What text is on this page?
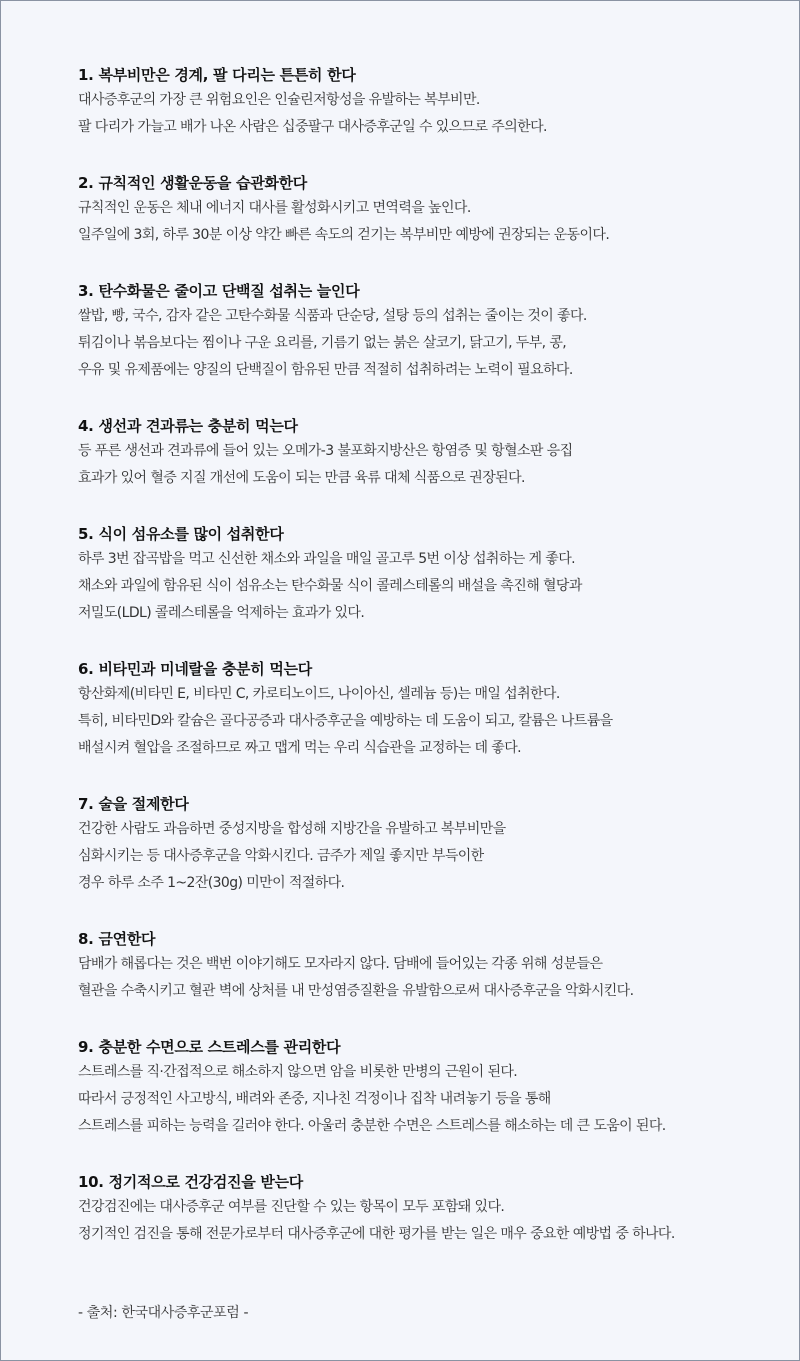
1. 복부비만은 경계, 팔 다리는 튼튼히 한다

대사증후군의 가장 큰 위험요인은 인슐린저항성을 유발하는 복부비만.

팔 다리가 가늘고 배가 나온 사람은 십중팔구 대사증후군일 수 있으므로 주의한다.

2. 규칙적인 생활운동을 습관화한다

규칙적인 운동은 체내 에너지 대사를 활성화시키고 면역력을 높인다.

일주일에 3회, 하루 30분 이상 약간 빠른 속도의 걷기는 복부비만 예방에 권장되는 운동이다.

3. 탄수화물은 줄이고 단백질 섭취는 늘인다

쌀밥, 빵, 국수, 감자 같은 고탄수화물 식품과 단순당, 설탕 등의 섭취는 줄이는 것이 좋다.

튀김이나 볶음보다는 찜이나 구운 요리를, 기름기 없는 붉은 살코기, 닭고기, 두부, 콩,

우유 및 유제품에는 양질의 단백질이 함유된 만큼 적절히 섭취하려는 노력이 필요하다.

4. 생선과 견과류는 충분히 먹는다

등 푸른 생선과 견과류에 들어 있는 오메가-3 불포화지방산은 항염증 및 항혈소판 응집

효과가 있어 혈증 지질 개선에 도움이 되는 만큼 육류 대체 식품으로 권장된다.

5. 식이 섬유소를 많이 섭취한다

하루 3번 잡곡밥을 먹고 신선한 채소와 과일을 매일 골고루 5번 이상 섭취하는 게 좋다.

채소와 과일에 함유된 식이 섬유소는 탄수화물 식이 콜레스테롤의 배설을 촉진해 혈당과

저밀도(LDL) 콜레스테롤을 억제하는 효과가 있다.

6. 비타민과 미네랄을 충분히 먹는다

항산화제(비타민 E, 비타민 C, 카로티노이드, 나이아신, 셀레늄 등)는 매일 섭취한다.

특히, 비타민D와 칼슘은 골다공증과 대사증후군을 예방하는 데 도움이 되고, 칼륨은 나트륨을

배설시켜 혈압을 조절하므로 짜고 맵게 먹는 우리 식습관을 교정하는 데 좋다.

7. 술을 절제한다

건강한 사람도 과음하면 중성지방을 합성해 지방간을 유발하고 복부비만을

심화시키는 등 대사증후군을 악화시킨다. 금주가 제일 좋지만 부득이한

경우 하루 소주 1~2잔(30g) 미만이 적절하다.

8. 금연한다

담배가 해롭다는 것은 백번 이야기해도 모자라지 않다. 담배에 들어있는 각종 위해 성분들은

혈관을 수축시키고 혈관 벽에 상처를 내 만성염증질환을 유발함으로써 대사증후군을 악화시킨다.

9. 충분한 수면으로 스트레스를 관리한다

스트레스를 직·간접적으로 해소하지 않으면 암을 비롯한 만병의 근원이 된다.

따라서 긍정적인 사고방식, 배려와 존중, 지나친 걱정이나 집착 내려놓기 등을 통해

스트레스를 피하는 능력을 길러야 한다. 아울러 충분한 수면은 스트레스를 해소하는 데 큰 도움이 된다.

10. 정기적으로 건강검진을 받는다

건강검진에는 대사증후군 여부를 진단할 수 있는 항목이 모두 포함돼 있다.

정기적인 검진을 통해 전문가로부터 대사증후군에 대한 평가를 받는 일은 매우 중요한 예방법 중 하나다.

- 출처: 한국대사증후군포럼 -
